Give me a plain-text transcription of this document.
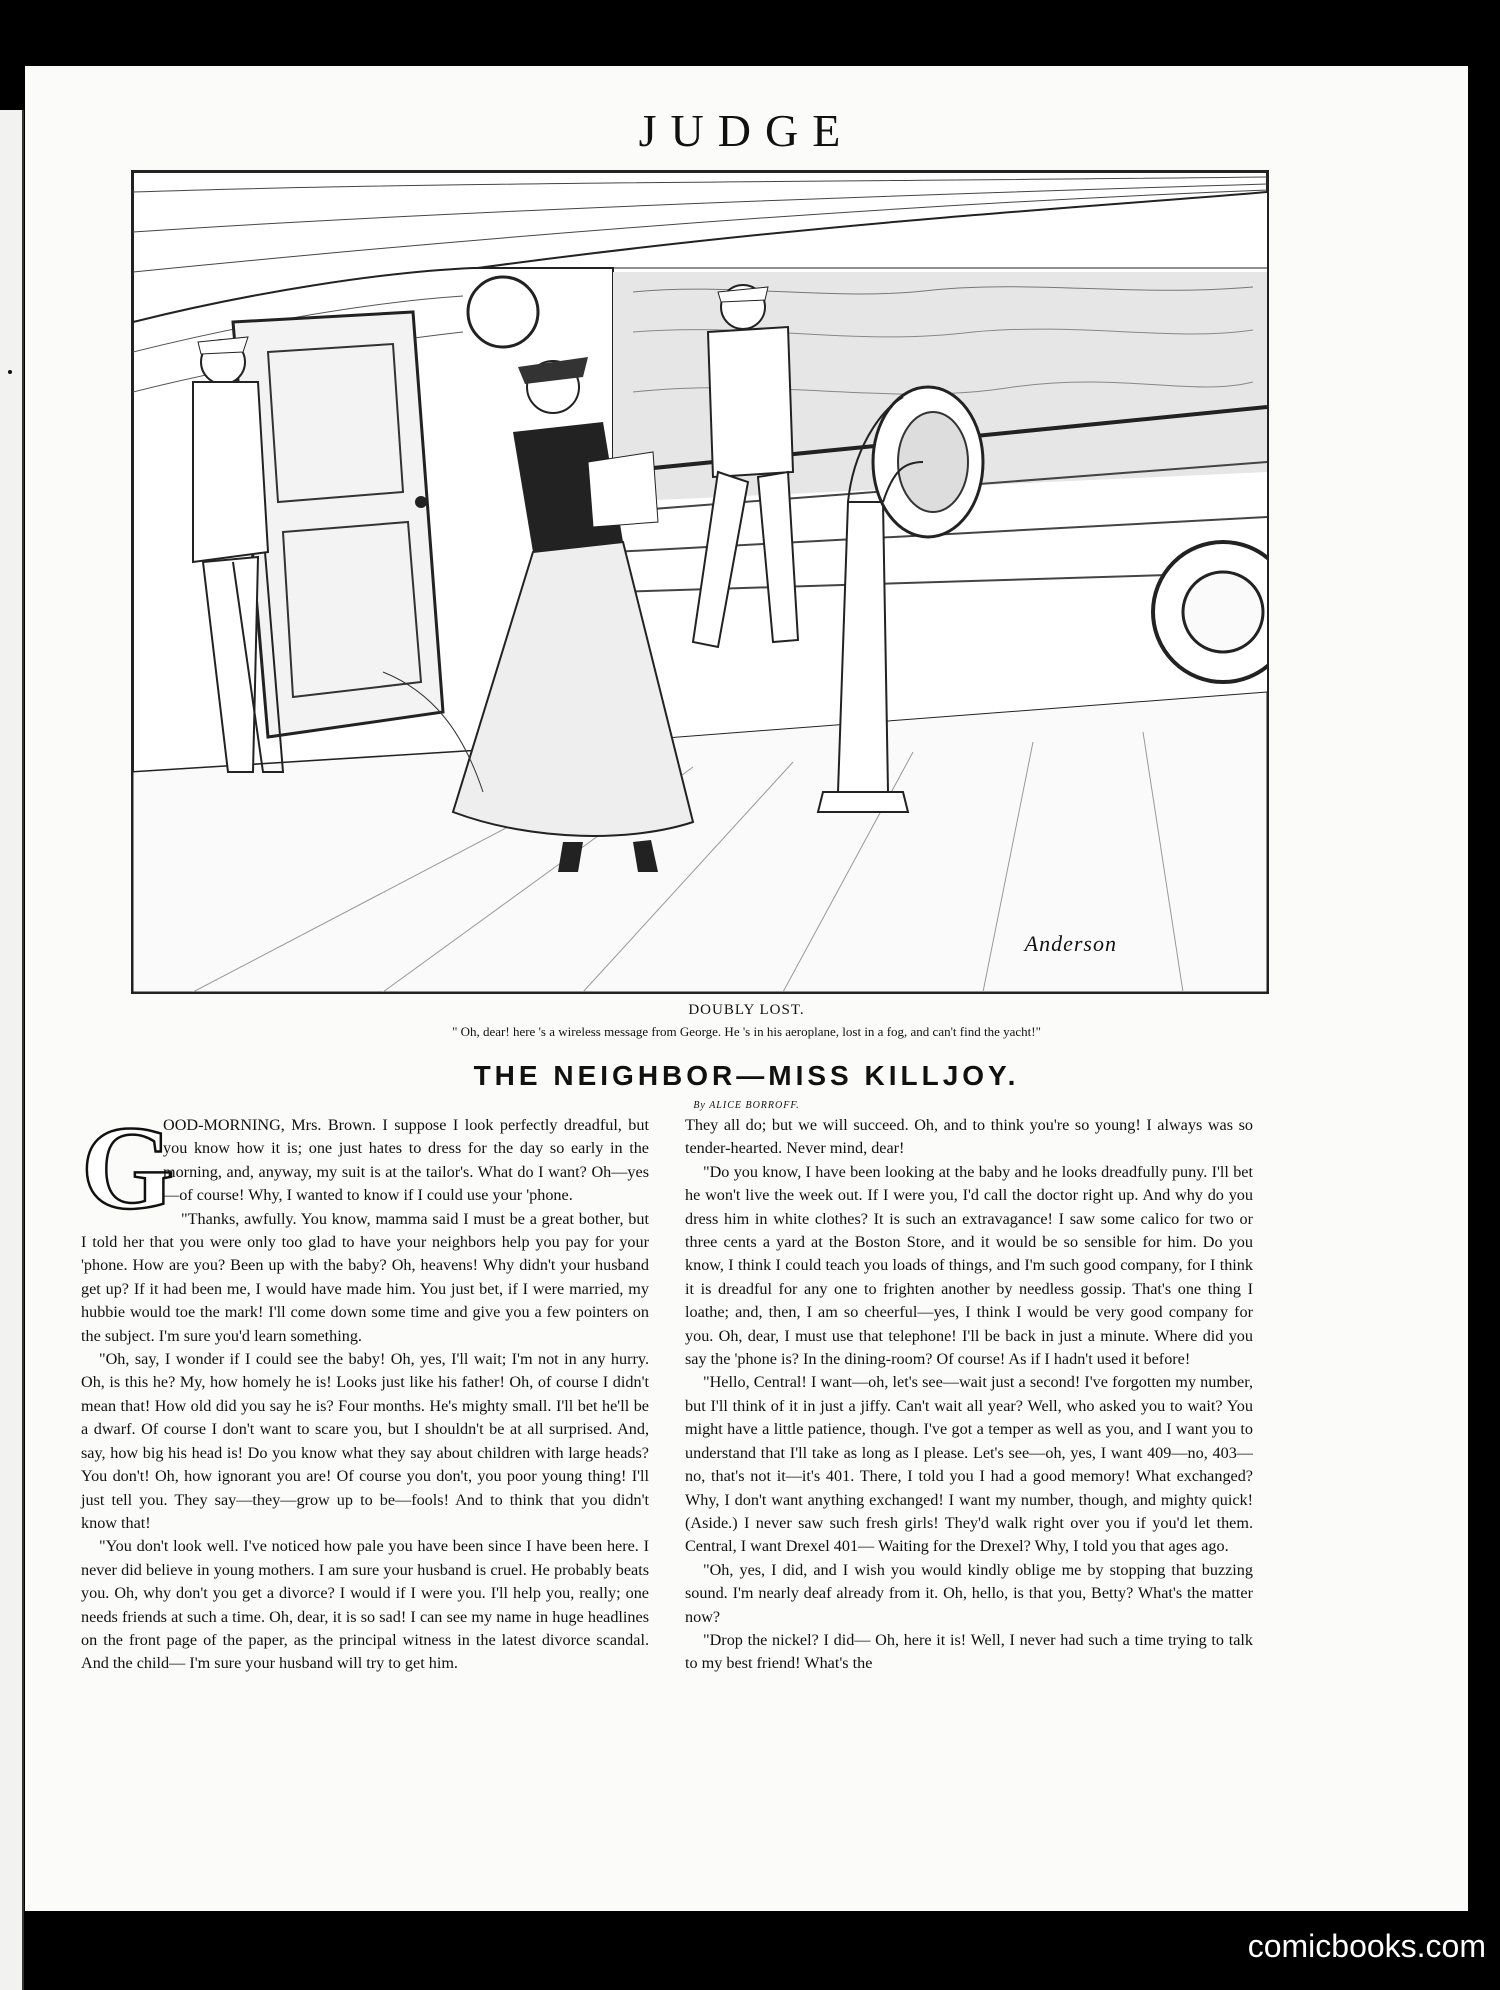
JUDGE
Anderson
DOUBLY LOST.
" Oh, dear! here 's a wireless message from George. He 's in his aeroplane, lost in a fog, and can't find the yacht!"
THE NEIGHBOR—MISS KILLJOY.
By ALICE BORROFF.
G

OOD-MORNING, Mrs. Brown. I suppose I look perfectly dreadful, but you know how it is; one just hates to dress for the day so early in the morning, and, anyway, my suit is at the tailor's. What do I want? Oh—yes—of course! Why, I wanted to know if I could use your 'phone.

"Thanks, awfully. You know, mamma said I must be a great bother, but I told her that you were only too glad to have your neighbors help you pay for your 'phone. How are you? Been up with the baby? Oh, heavens! Why didn't your husband get up? If it had been me, I would have made him. You just bet, if I were married, my hubbie would toe the mark! I'll come down some time and give you a few pointers on the subject. I'm sure you'd learn something.

"Oh, say, I wonder if I could see the baby! Oh, yes, I'll wait; I'm not in any hurry. Oh, is this he? My, how homely he is! Looks just like his father! Oh, of course I didn't mean that! How old did you say he is? Four months. He's mighty small. I'll bet he'll be a dwarf. Of course I don't want to scare you, but I shouldn't be at all surprised. And, say, how big his head is! Do you know what they say about children with large heads? You don't! Oh, how ignorant you are! Of course you don't, you poor young thing! I'll just tell you. They say—they—grow up to be—fools! And to think that you didn't know that!

"You don't look well. I've noticed how pale you have been since I have been here. I never did believe in young mothers. I am sure your husband is cruel. He probably beats you. Oh, why don't you get a divorce? I would if I were you. I'll help you, really; one needs friends at such a time. Oh, dear, it is so sad! I can see my name in huge headlines on the front page of the paper, as the principal witness in the latest divorce scandal. And the child— I'm sure your husband will try to get him.

They all do; but we will succeed. Oh, and to think you're so young! I always was so tender-hearted. Never mind, dear!

"Do you know, I have been looking at the baby and he looks dreadfully puny. I'll bet he won't live the week out. If I were you, I'd call the doctor right up. And why do you dress him in white clothes? It is such an extravagance! I saw some calico for two or three cents a yard at the Boston Store, and it would be so sensible for him. Do you know, I think I could teach you loads of things, and I'm such good company, for I think it is dreadful for any one to frighten another by needless gossip. That's one thing I loathe; and, then, I am so cheerful—yes, I think I would be very good company for you. Oh, dear, I must use that telephone! I'll be back in just a minute. Where did you say the 'phone is? In the dining-room? Of course! As if I hadn't used it before!

"Hello, Central! I want—oh, let's see—wait just a second! I've forgotten my number, but I'll think of it in just a jiffy. Can't wait all year? Well, who asked you to wait? You might have a little patience, though. I've got a temper as well as you, and I want you to understand that I'll take as long as I please. Let's see—oh, yes, I want 409—no, 403—no, that's not it—it's 401. There, I told you I had a good memory! What exchanged? Why, I don't want anything exchanged! I want my number, though, and mighty quick! (Aside.) I never saw such fresh girls! They'd walk right over you if you'd let them. Central, I want Drexel 401— Waiting for the Drexel? Why, I told you that ages ago.

"Oh, yes, I did, and I wish you would kindly oblige me by stopping that buzzing sound. I'm nearly deaf already from it. Oh, hello, is that you, Betty? What's the matter now?

"Drop the nickel? I did— Oh, here it is! Well, I never had such a time trying to talk to my best friend! What's the

comicbooks.com
